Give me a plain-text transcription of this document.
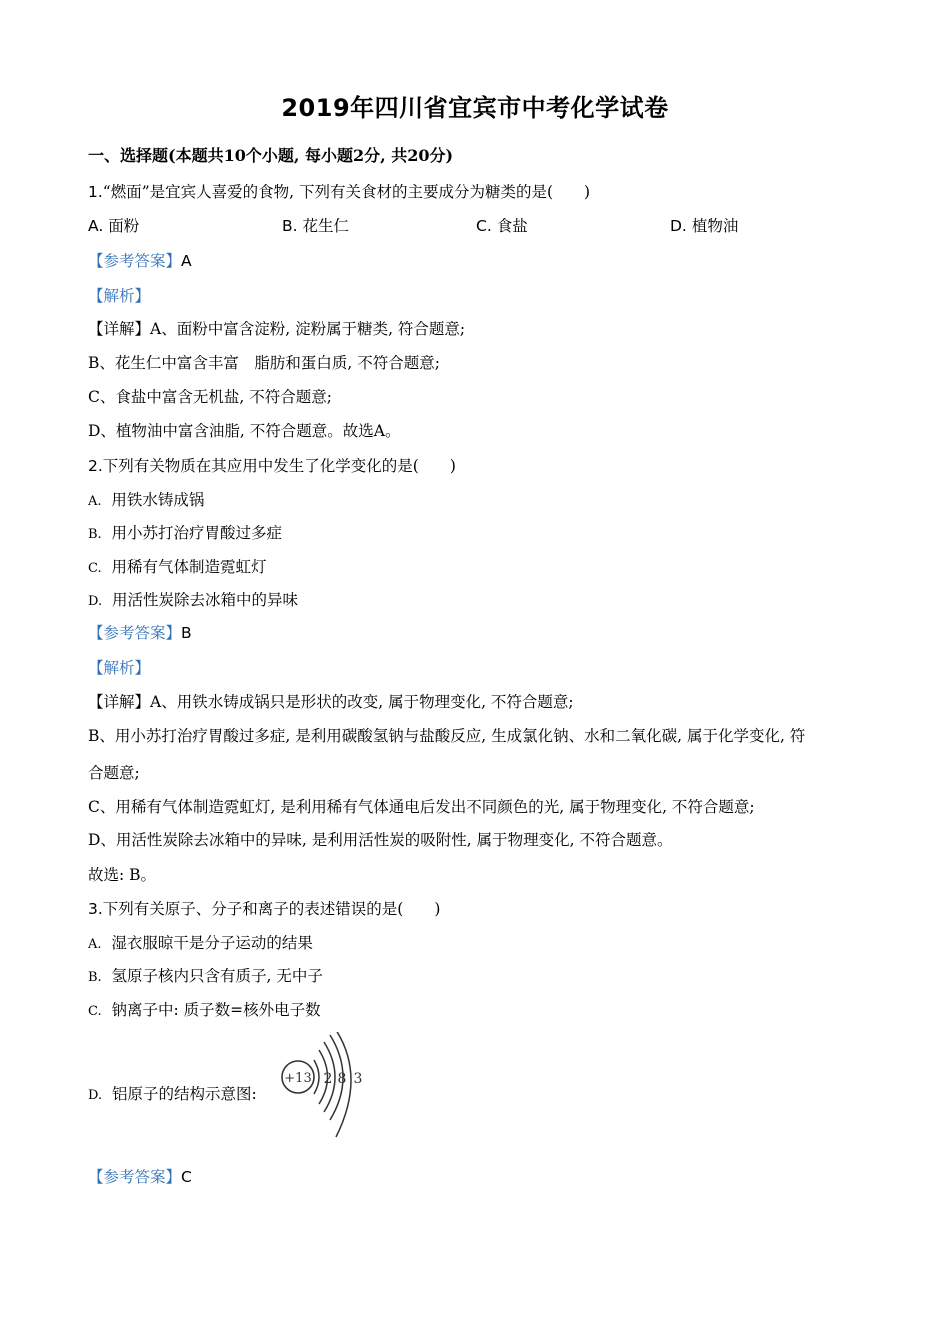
2019年四川省宜宾市中考化学试卷
一、选择题(本题共10个小题, 每小题2分, 共20分)
1.“燃面”是宜宾人喜爱的食物, 下列有关食材的主要成分为糖类的是(　　)
A. 面粉	B. 花生仁	C. 食盐	D. 植物油
【参考答案】A
【解析】
【详解】A、面粉中富含淀粉, 淀粉属于糖类, 符合题意;
B、花生仁中富含丰富　脂肪和蛋白质, 不符合题意;
C、食盐中富含无机盐, 不符合题意;
D、植物油中富含油脂, 不符合题意。故选A。
2.下列有关物质在其应用中发生了化学变化的是(　　)
A. 用铁水铸成锅
B. 用小苏打治疗胃酸过多症
C. 用稀有气体制造霓虹灯
D. 用活性炭除去冰箱中的异味
【参考答案】B
【解析】
【详解】A、用铁水铸成锅只是形状的改变, 属于物理变化, 不符合题意;
B、用小苏打治疗胃酸过多症, 是利用碳酸氢钠与盐酸反应, 生成氯化钠、水和二氧化碳, 属于化学变化, 符
合题意;
C、用稀有气体制造霓虹灯, 是利用稀有气体通电后发出不同颜色的光, 属于物理变化, 不符合题意;
D、用活性炭除去冰箱中的异味, 是利用活性炭的吸附性, 属于物理变化, 不符合题意。
故选: B。
3.下列有关原子、分子和离子的表述错误的是(　　)
A. 湿衣服晾干是分子运动的结果
B. 氢原子核内只含有质子, 无中子
C. 钠离子中: 质子数=核外电子数
D. 铝原子的结构示意图:
+13 2 8 3
【参考答案】C
